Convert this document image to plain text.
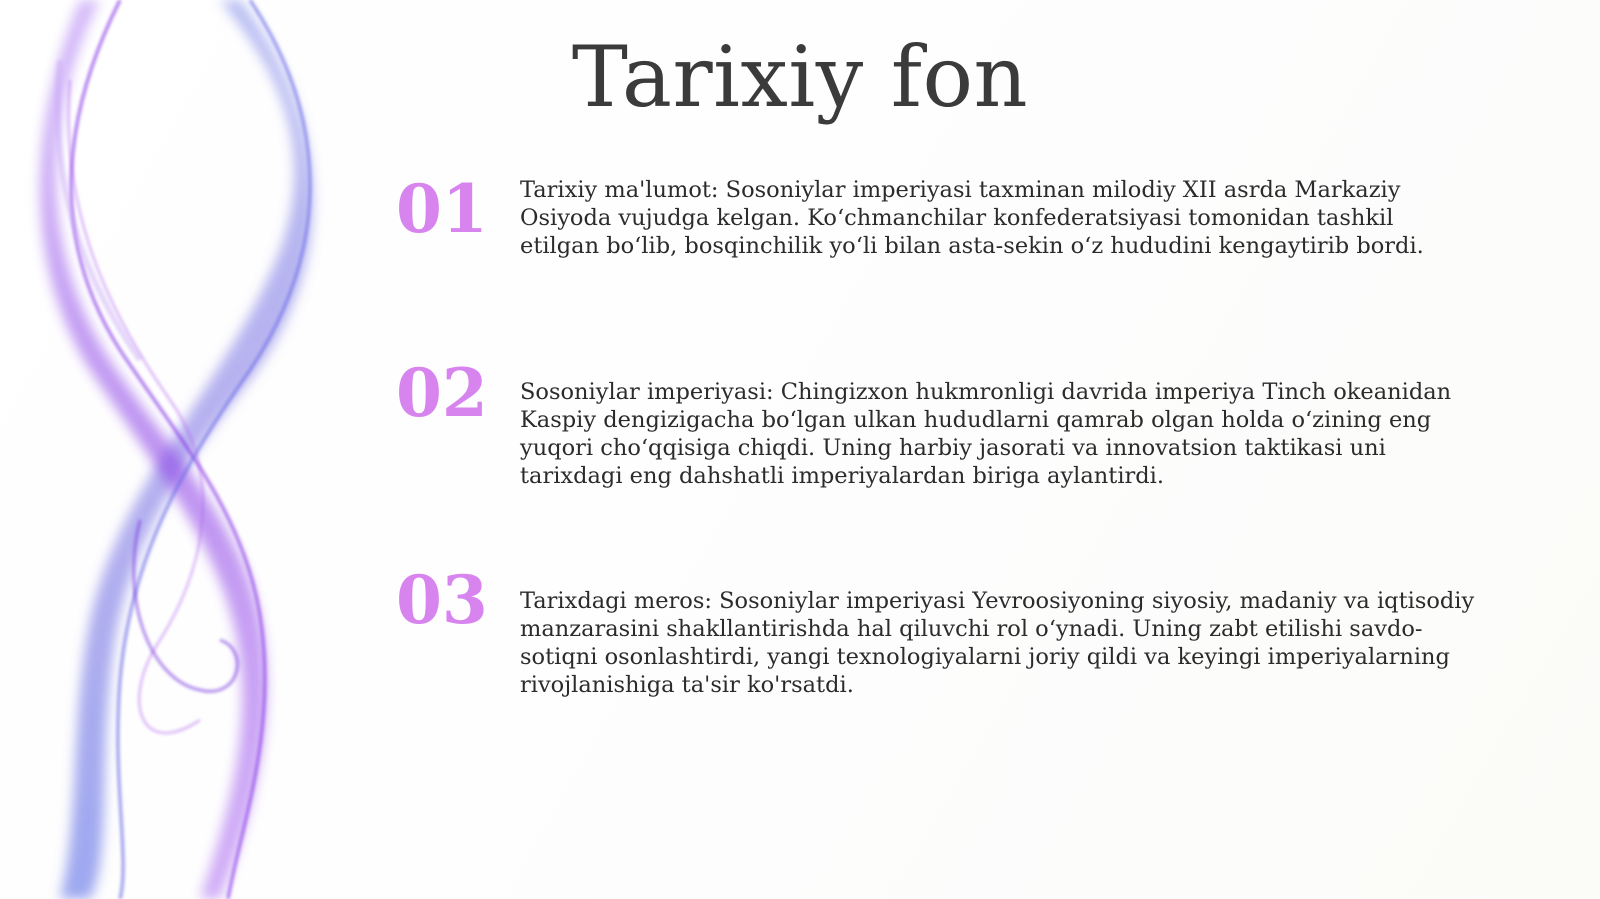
Tarixiy fon
01	Tarixiy ma'lumot: Sosoniylar imperiyasi taxminan milodiy XII asrda Markaziy Osiyoda vujudga kelgan. Ko‘chmanchilar konfederatsiyasi tomonidan tashkil etilgan bo‘lib, bosqinchilik yo‘li bilan asta-sekin o‘z hududini kengaytirib bordi.
02	Sosoniylar imperiyasi: Chingizxon hukmronligi davrida imperiya Tinch okeanidan Kaspiy dengizigacha bo‘lgan ulkan hududlarni qamrab olgan holda o‘zining eng yuqori cho‘qqisiga chiqdi. Uning harbiy jasorati va innovatsion taktikasi uni tarixdagi eng dahshatli imperiyalardan biriga aylantirdi.
03	Tarixdagi meros: Sosoniylar imperiyasi Yevroosiyoning siyosiy, madaniy va iqtisodiy manzarasini shakllantirishda hal qiluvchi rol o‘ynadi. Uning zabt etilishi savdo-sotiqni osonlashtirdi, yangi texnologiyalarni joriy qildi va keyingi imperiyalarning rivojlanishiga ta'sir ko'rsatdi.
